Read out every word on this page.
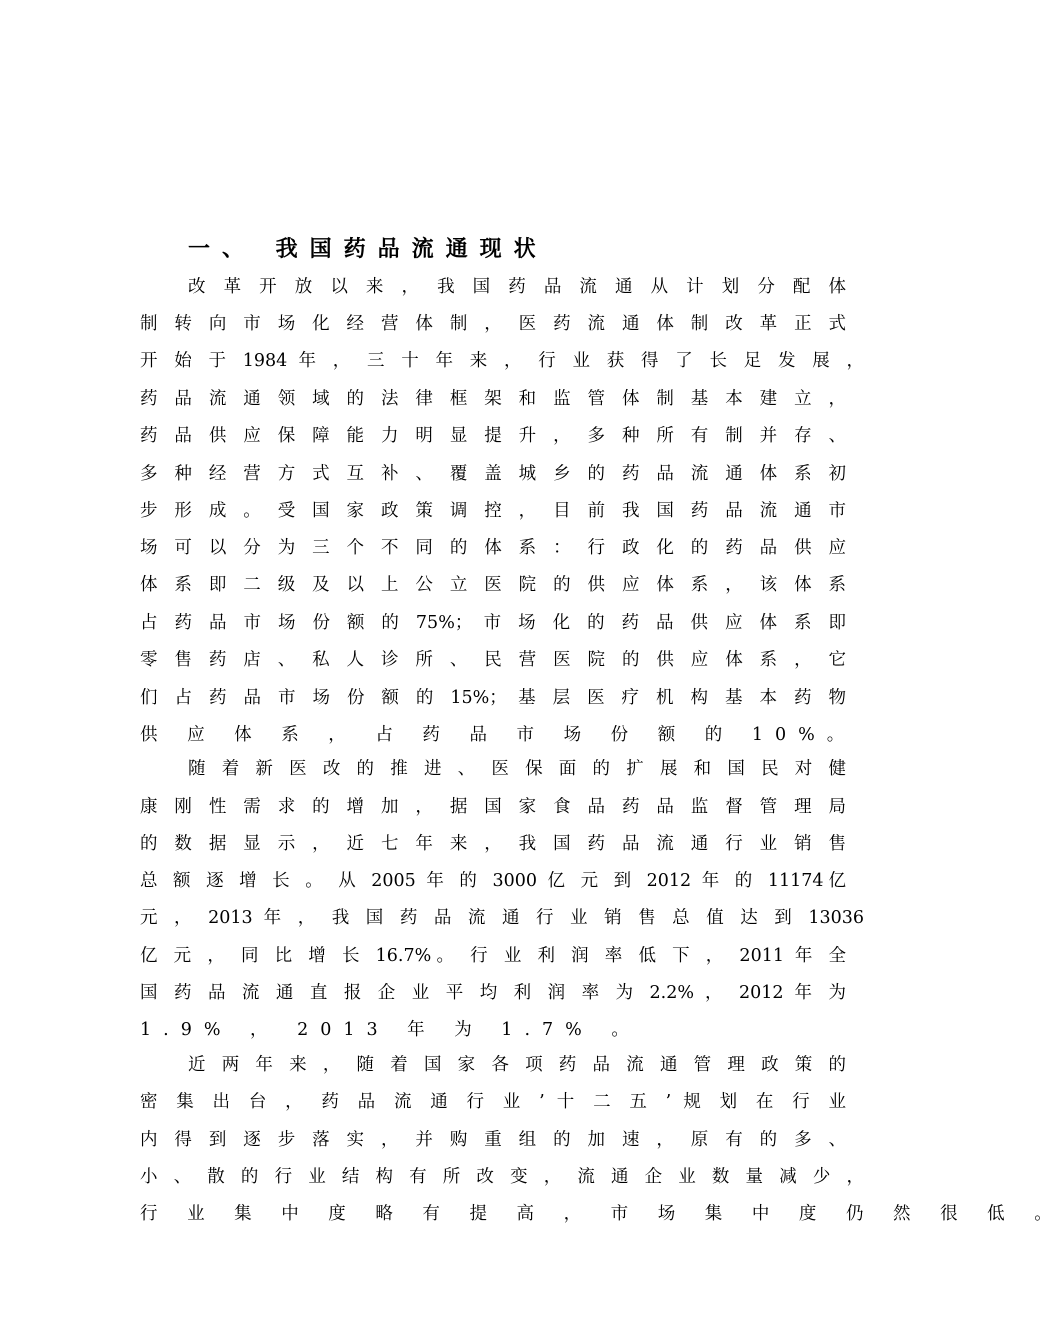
一、 我国药品流通现状
改 革 开 放 以 来 ， 我 国 药 品 流 通 从 计 划 分 配 体
制 转 向 市 场 化 经 营 体 制 ， 医 药 流 通 体 制 改 革 正 式
开 始 于 1984 年 ， 三 十 年 来 ， 行 业 获 得 了 长 足 发 展 ，
药 品 流 通 领 域 的 法 律 框 架 和 监 管 体 制 基 本 建 立 ，
药 品 供 应 保 障 能 力 明 显 提 升 ， 多 种 所 有 制 并 存 、
多 种 经 营 方 式 互 补 、 覆 盖 城 乡 的 药 品 流 通 体 系 初
步 形 成 。 受 国 家 政 策 调 控 ， 目 前 我 国 药 品 流 通 市
场 可 以 分 为 三 个 不 同 的 体 系 ： 行 政 化 的 药 品 供 应
体 系 即 二 级 及 以 上 公 立 医 院 的 供 应 体 系 ， 该 体 系
占 药 品 市 场 份 额 的 75%； 市 场 化 的 药 品 供 应 体 系 即
零 售 药 店 、 私 人 诊 所 、 民 营 医 院 的 供 应 体 系 ， 它
们 占 药 品 市 场 份 额 的 15%； 基 层 医 疗 机 构 基 本 药 物
供 应 体 系 ， 占 药 品 市 场 份 额 的 10%。
随 着 新 医 改 的 推 进 、 医 保 面 的 扩 展 和 国 民 对 健
康 刚 性 需 求 的 增 加 ， 据 国 家 食 品 药 品 监 督 管 理 局
的 数 据 显 示 ， 近 七 年 来 ， 我 国 药 品 流 通 行 业 销 售
总 额 逐 增 长 。 从 2005 年 的 3000 亿 元 到 2012 年 的 11174亿
元 ， 2013 年 ， 我 国 药 品 流 通 行 业 销 售 总 值 达 到 13036
亿 元 ， 同 比 增 长 16.7%。 行 业 利 润 率 低 下 ， 2011 年 全
国 药 品 流 通 直 报 企 业 平 均 利 润 率 为 2.2% ， 2012 年 为
1.9% ， 2013 年 为 1.7% 。
近 两 年 来 ， 随 着 国 家 各 项 药 品 流 通 管 理 政 策 的
密 集 出 台 ， 药 品 流 通 行 业 ’ 十 二 五 ’ 规 划 在 行 业
内 得 到 逐 步 落 实 ， 并 购 重 组 的 加 速 ， 原 有 的 多 、
小 、 散 的 行 业 结 构 有 所 改 变 ， 流 通 企 业 数 量 减 少 ，
行 业 集 中 度 略 有 提 高 ， 市 场 集 中 度 仍 然 很 低 。
